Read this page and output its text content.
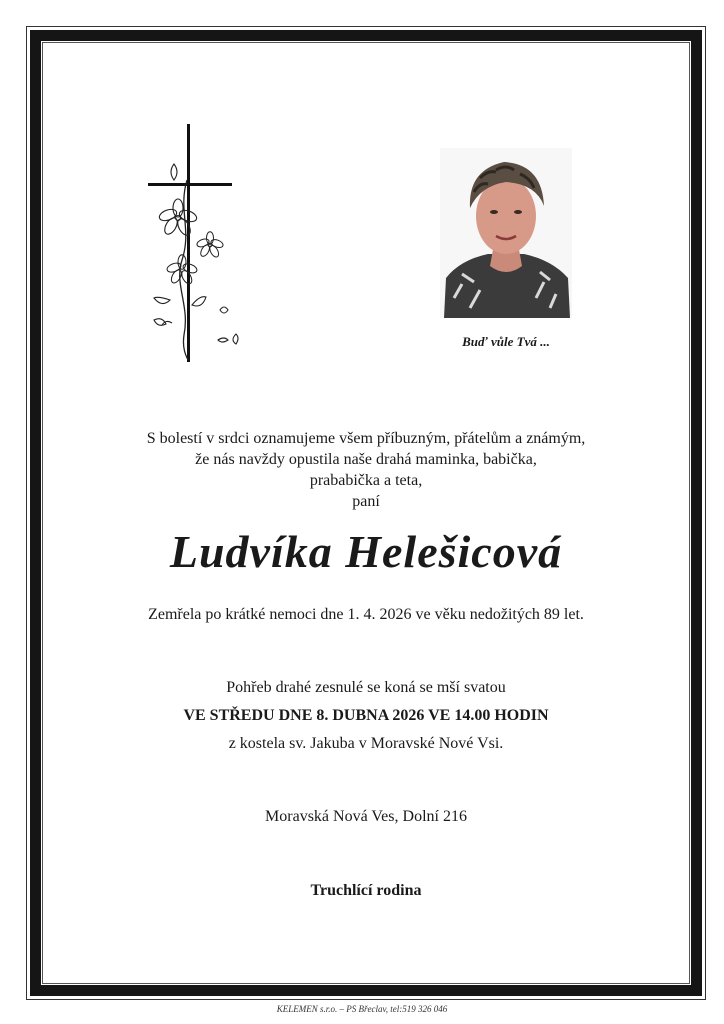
Buď vůle Tvá ...
S bolestí v srdci oznamujeme všem příbuzným, přátelům a známým,
že nás navždy opustila naše drahá maminka, babička,
prababička a teta,
paní
Ludvíka Helešicová
Zemřela po krátké nemoci dne 1. 4. 2026 ve věku nedožitých 89 let.
Pohřeb drahé zesnulé se koná se mší svatou
VE STŘEDU DNE 8. DUBNA 2026 VE 14.00 HODIN
z kostela sv. Jakuba v Moravské Nové Vsi.
Moravská Nová Ves, Dolní 216
Truchlící rodina
KELEMEN s.r.o. – PS Břeclav, tel:519 326 046
